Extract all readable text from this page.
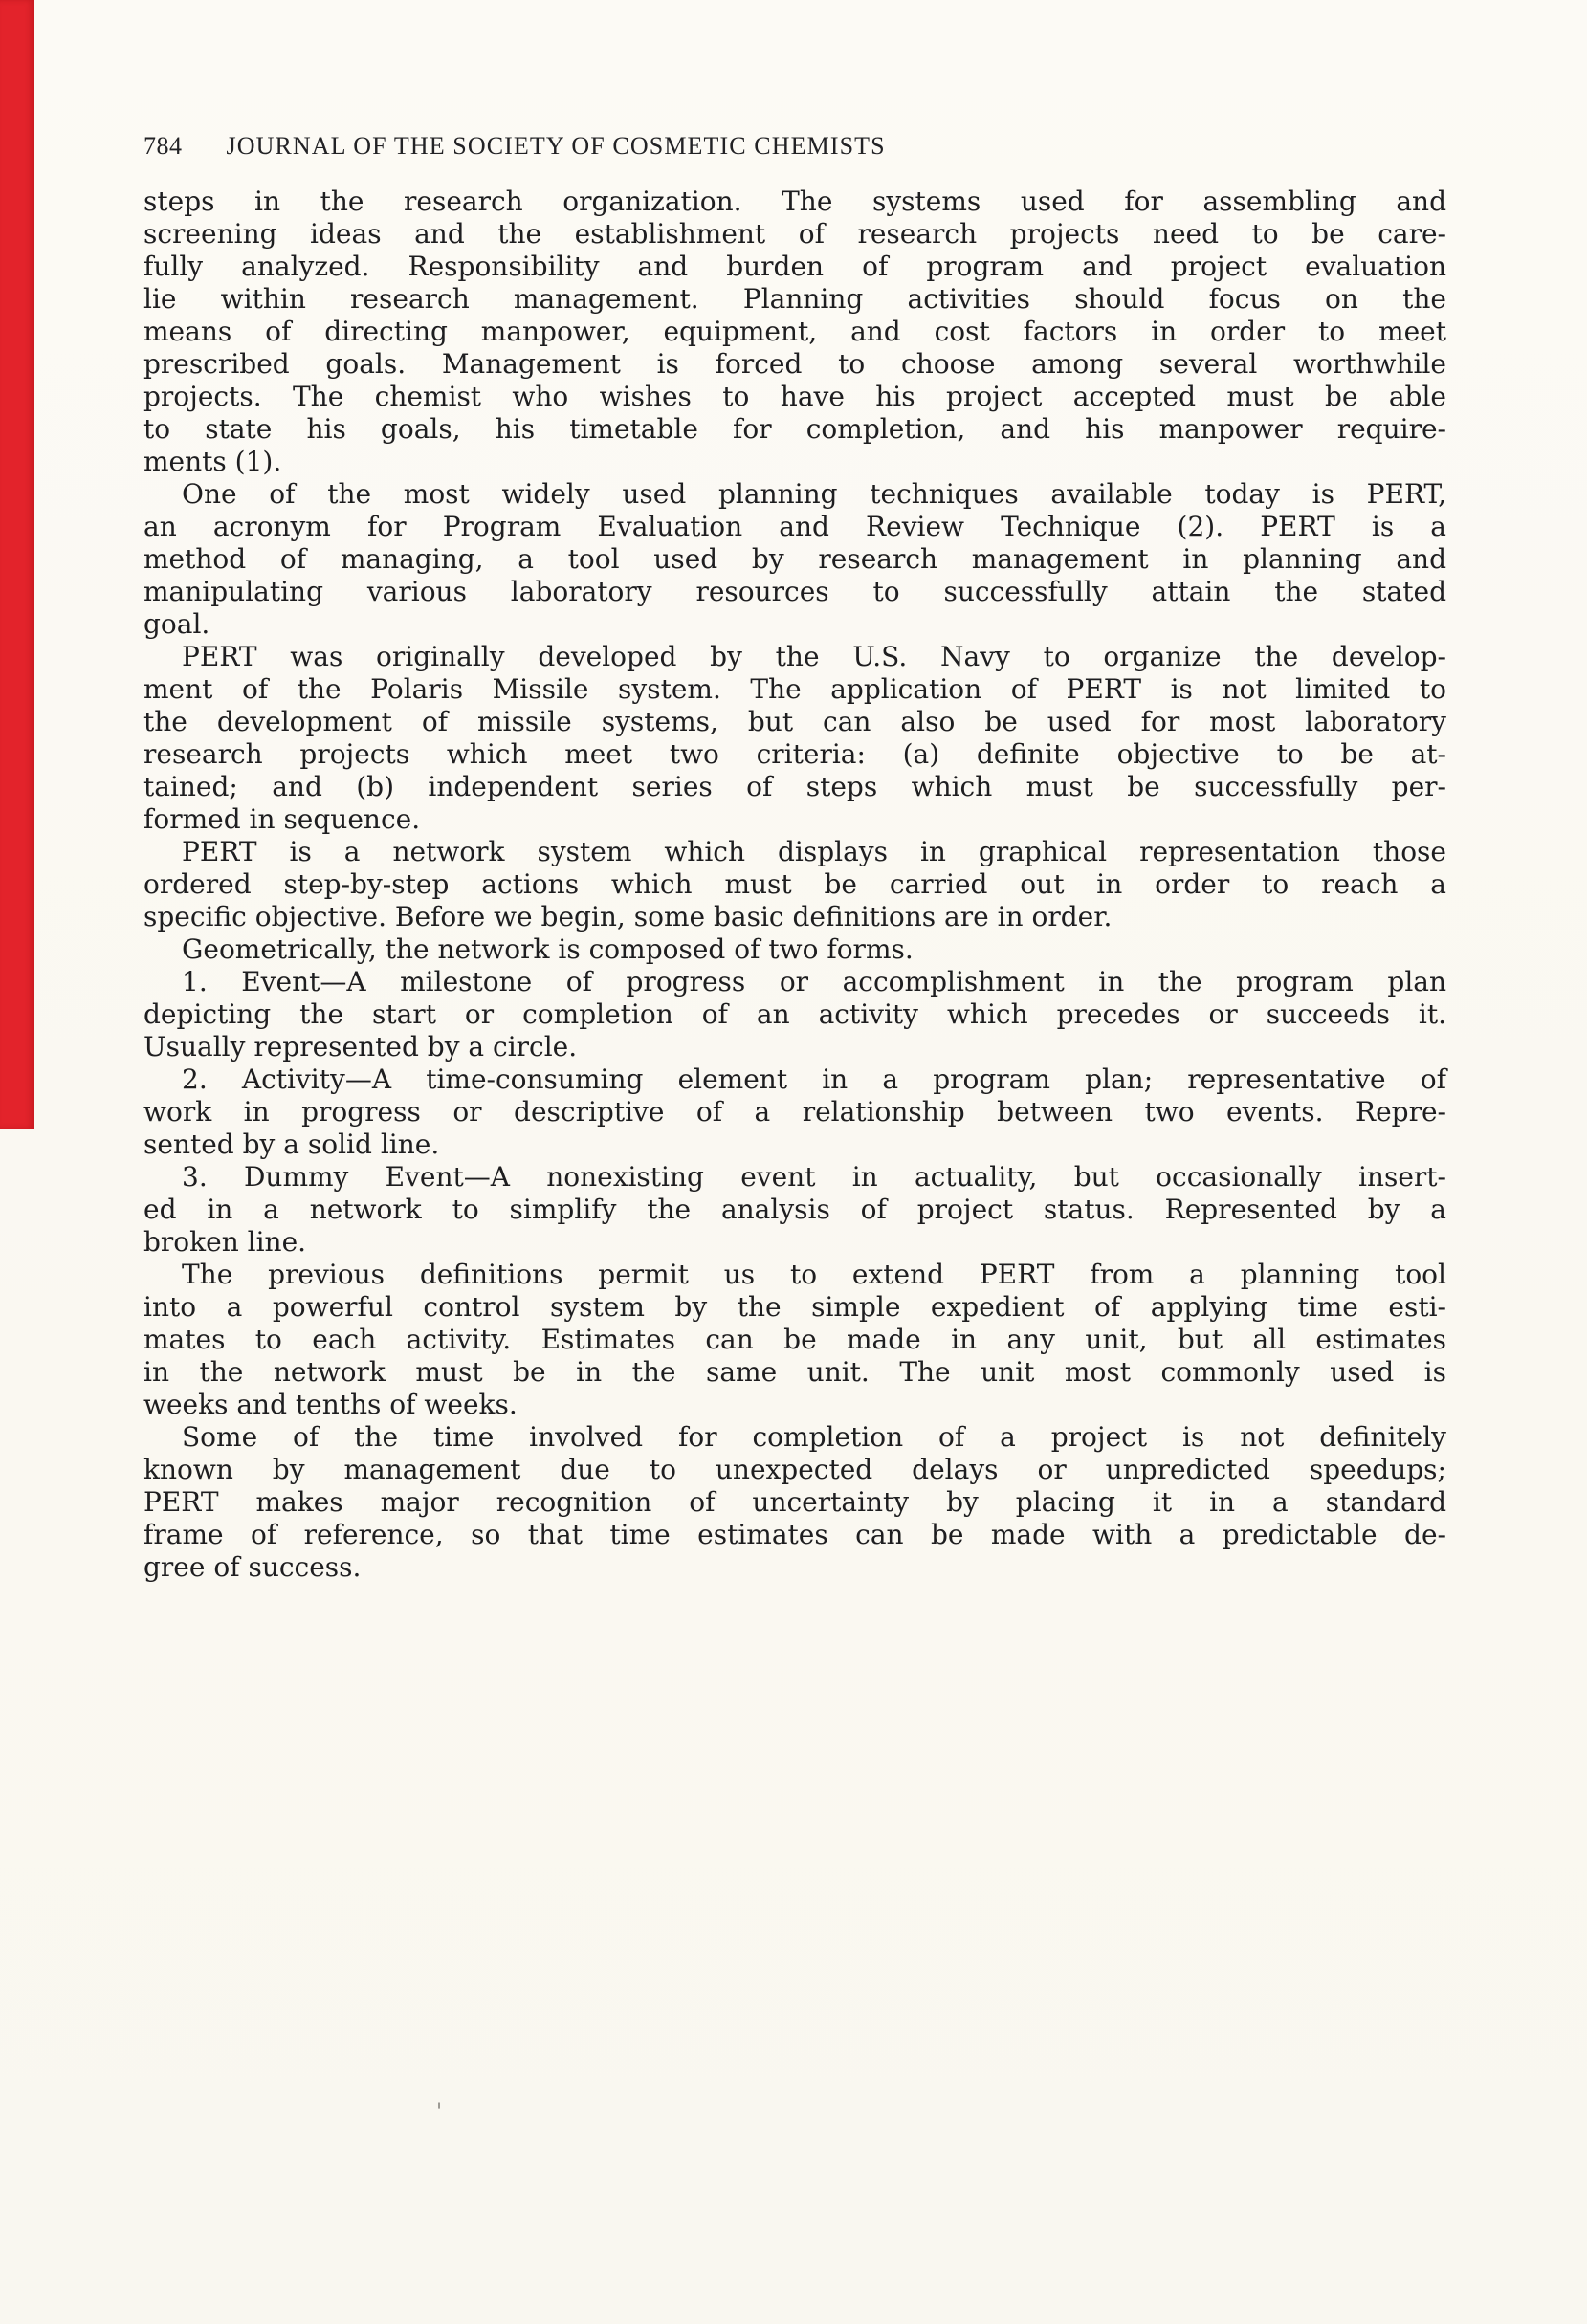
784 JOURNAL OF THE SOCIETY OF COSMETIC CHEMISTS
steps in the research organization. The systems used for assembling and
screening ideas and the establishment of research projects need to be care-
fully analyzed. Responsibility and burden of program and project evaluation
lie within research management. Planning activities should focus on the
means of directing manpower, equipment, and cost factors in order to meet
prescribed goals. Management is forced to choose among several worthwhile
projects. The chemist who wishes to have his project accepted must be able
to state his goals, his timetable for completion, and his manpower require-
ments (1).
One of the most widely used planning techniques available today is PERT,
an acronym for Program Evaluation and Review Technique (2). PERT is a
method of managing, a tool used by research management in planning and
manipulating various laboratory resources to successfully attain the stated
goal.
PERT was originally developed by the U.S. Navy to organize the develop-
ment of the Polaris Missile system. The application of PERT is not limited to
the development of missile systems, but can also be used for most laboratory
research projects which meet two criteria: (a) definite objective to be at-
tained; and (b) independent series of steps which must be successfully per-
formed in sequence.
PERT is a network system which displays in graphical representation those
ordered step-by-step actions which must be carried out in order to reach a
specific objective. Before we begin, some basic definitions are in order.
Geometrically, the network is composed of two forms.
1. Event—A milestone of progress or accomplishment in the program plan
depicting the start or completion of an activity which precedes or succeeds it.
Usually represented by a circle.
2. Activity—A time-consuming element in a program plan; representative of
work in progress or descriptive of a relationship between two events. Repre-
sented by a solid line.
3. Dummy Event—A nonexisting event in actuality, but occasionally insert-
ed in a network to simplify the analysis of project status. Represented by a
broken line.
The previous definitions permit us to extend PERT from a planning tool
into a powerful control system by the simple expedient of applying time esti-
mates to each activity. Estimates can be made in any unit, but all estimates
in the network must be in the same unit. The unit most commonly used is
weeks and tenths of weeks.
Some of the time involved for completion of a project is not definitely
known by management due to unexpected delays or unpredicted speedups;
PERT makes major recognition of uncertainty by placing it in a standard
frame of reference, so that time estimates can be made with a predictable de-
gree of success.
'
